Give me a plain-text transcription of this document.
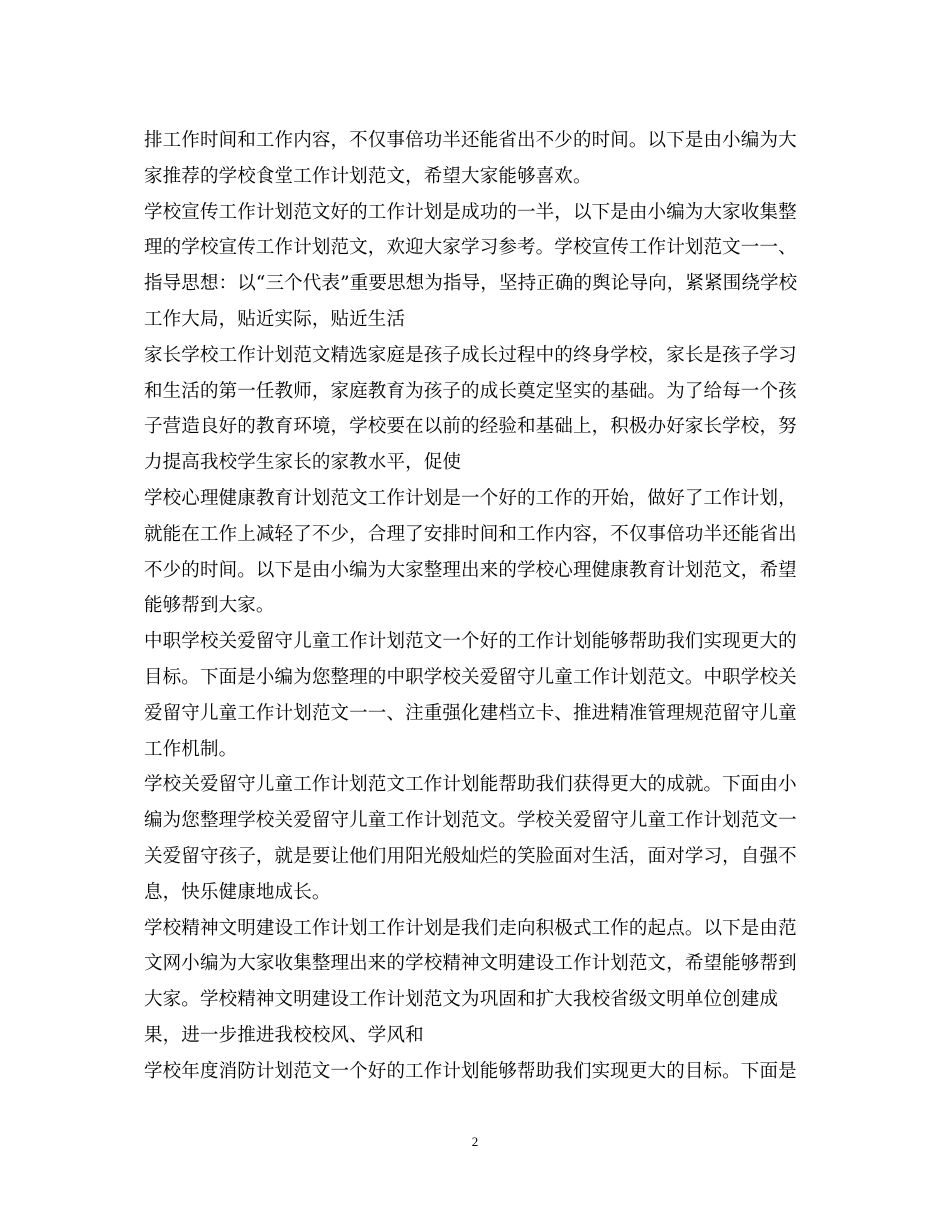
排工作时间和工作内容，不仅事倍功半还能省出不少的时间。以下是由小编为大
家推荐的学校食堂工作计划范文，希望大家能够喜欢。
学校宣传工作计划范文好的工作计划是成功的一半，以下是由小编为大家收集整
理的学校宣传工作计划范文，欢迎大家学习参考。学校宣传工作计划范文一一、
指导思想：以“三个代表”重要思想为指导，坚持正确的舆论导向，紧紧围绕学校
工作大局，贴近实际，贴近生活
家长学校工作计划范文精选家庭是孩子成长过程中的终身学校，家长是孩子学习
和生活的第一任教师，家庭教育为孩子的成长奠定坚实的基础。为了给每一个孩
子营造良好的教育环境，学校要在以前的经验和基础上，积极办好家长学校，努
力提高我校学生家长的家教水平，促使
学校心理健康教育计划范文工作计划是一个好的工作的开始，做好了工作计划，
就能在工作上减轻了不少，合理了安排时间和工作内容，不仅事倍功半还能省出
不少的时间。以下是由小编为大家整理出来的学校心理健康教育计划范文，希望
能够帮到大家。
中职学校关爱留守儿童工作计划范文一个好的工作计划能够帮助我们实现更大的
目标。下面是小编为您整理的中职学校关爱留守儿童工作计划范文。中职学校关
爱留守儿童工作计划范文一一、注重强化建档立卡、推进精准管理规范留守儿童
工作机制。
学校关爱留守儿童工作计划范文工作计划能帮助我们获得更大的成就。下面由小
编为您整理学校关爱留守儿童工作计划范文。学校关爱留守儿童工作计划范文一
关爱留守孩子，就是要让他们用阳光般灿烂的笑脸面对生活，面对学习，自强不
息，快乐健康地成长。
学校精神文明建设工作计划工作计划是我们走向积极式工作的起点。以下是由范
文网小编为大家收集整理出来的学校精神文明建设工作计划范文，希望能够帮到
大家。学校精神文明建设工作计划范文为巩固和扩大我校省级文明单位创建成
果，进一步推进我校校风、学风和
学校年度消防计划范文一个好的工作计划能够帮助我们实现更大的目标。下面是
2
